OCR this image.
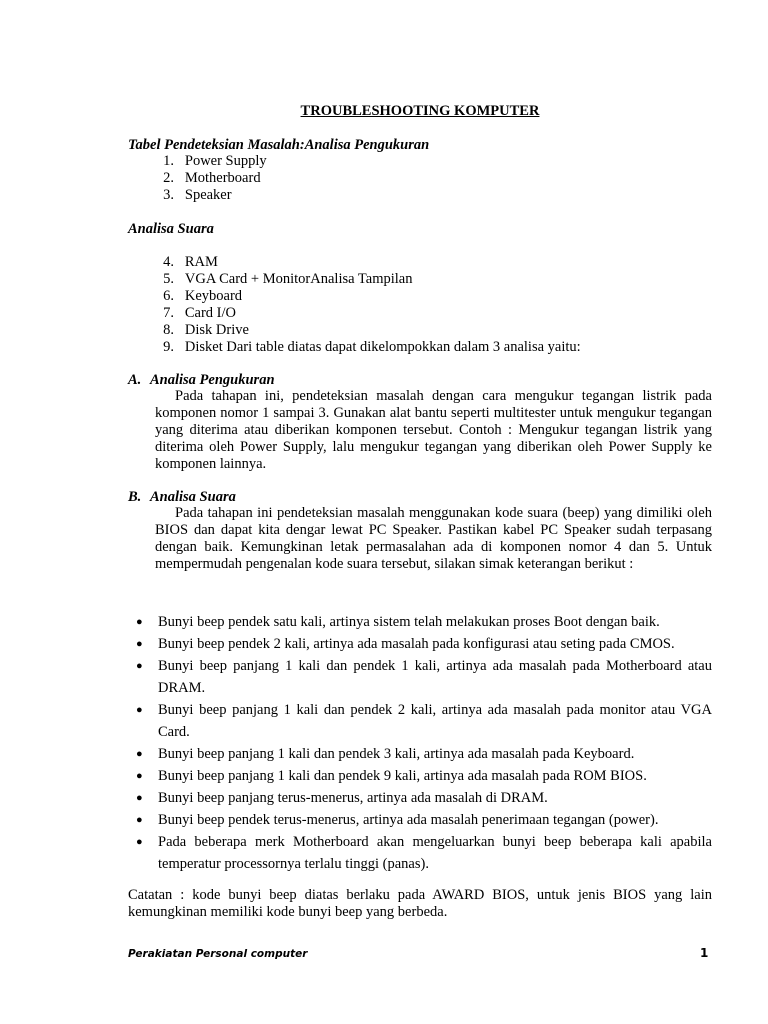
TROUBLESHOOTING KOMPUTER
Tabel Pendeteksian Masalah:Analisa Pengukuran
1. Power Supply
2. Motherboard
3. Speaker
Analisa Suara
4. RAM
5. VGA Card + MonitorAnalisa Tampilan
6. Keyboard
7. Card I/O
8. Disk Drive
9. Disket Dari table diatas dapat dikelompokkan dalam 3 analisa yaitu:
A. Analisa Pengukuran

Pada tahapan ini, pendeteksian masalah dengan cara mengukur tegangan listrik pada komponen nomor 1 sampai 3. Gunakan alat bantu seperti multitester untuk mengukur tegangan yang diterima atau diberikan komponen tersebut. Contoh : Mengukur tegangan listrik yang diterima oleh Power Supply, lalu mengukur tegangan yang diberikan oleh Power Supply ke komponen lainnya.

B. Analisa Suara

Pada tahapan ini pendeteksian masalah menggunakan kode suara (beep) yang dimiliki oleh BIOS dan dapat kita dengar lewat PC Speaker. Pastikan kabel PC Speaker sudah terpasang dengan baik. Kemungkinan letak permasalahan ada di komponen nomor 4 dan 5. Untuk mempermudah pengenalan kode suara tersebut, silakan simak keterangan berikut :

● Bunyi beep pendek satu kali, artinya sistem telah melakukan proses Boot dengan baik.
● Bunyi beep pendek 2 kali, artinya ada masalah pada konfigurasi atau seting pada CMOS.
● Bunyi beep panjang 1 kali dan pendek 1 kali, artinya ada masalah pada Motherboard atau DRAM.
● Bunyi beep panjang 1 kali dan pendek 2 kali, artinya ada masalah pada monitor atau VGA Card.
● Bunyi beep panjang 1 kali dan pendek 3 kali, artinya ada masalah pada Keyboard.
● Bunyi beep panjang 1 kali dan pendek 9 kali, artinya ada masalah pada ROM BIOS.
● Bunyi beep panjang terus-menerus, artinya ada masalah di DRAM.
● Bunyi beep pendek terus-menerus, artinya ada masalah penerimaan tegangan (power).
● Pada beberapa merk Motherboard akan mengeluarkan bunyi beep beberapa kali apabila temperatur processornya terlalu tinggi (panas).

Catatan : kode bunyi beep diatas berlaku pada AWARD BIOS, untuk jenis BIOS yang lain kemungkinan memiliki kode bunyi beep yang berbeda.

Perakiatan Personal computer	1
